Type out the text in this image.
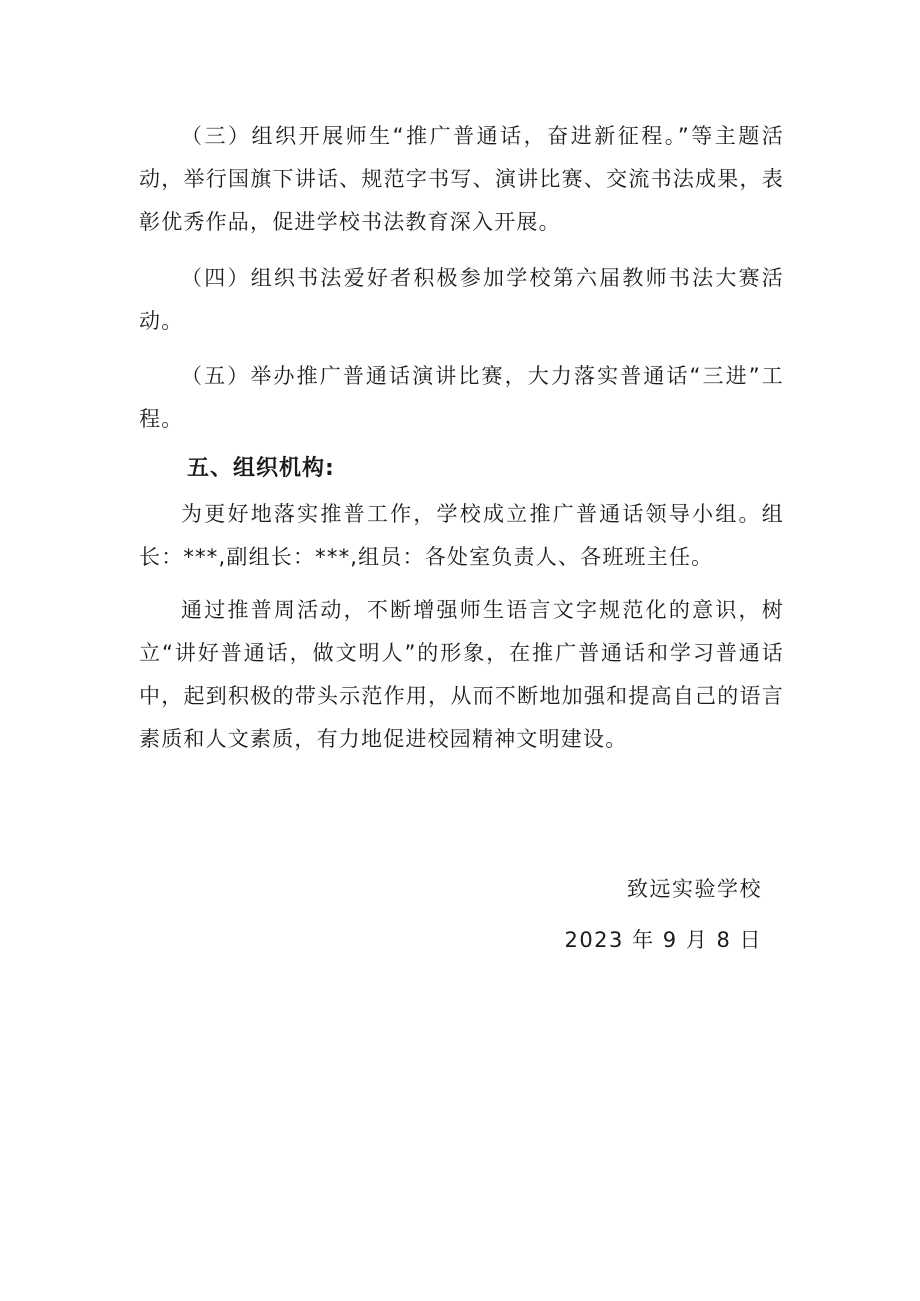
（三）组织开展师生“推广普通话，奋进新征程。”等主题活动，举行国旗下讲话、规范字书写、演讲比赛、交流书法成果，表彰优秀作品，促进学校书法教育深入开展。

（四）组织书法爱好者积极参加学校第六届教师书法大赛活动。

（五）举办推广普通话演讲比赛，大力落实普通话“三进”工程。

五、组织机构:

为更好地落实推普工作，学校成立推广普通话领导小组。组长：***,副组长：***,组员：各处室负责人、各班班主任。

通过推普周活动，不断增强师生语言文字规范化的意识，树立“讲好普通话，做文明人”的形象，在推广普通话和学习普通话中，起到积极的带头示范作用，从而不断地加强和提高自己的语言素质和人文素质，有力地促进校园精神文明建设。

致远实验学校

2023 年 9 月 8 日
